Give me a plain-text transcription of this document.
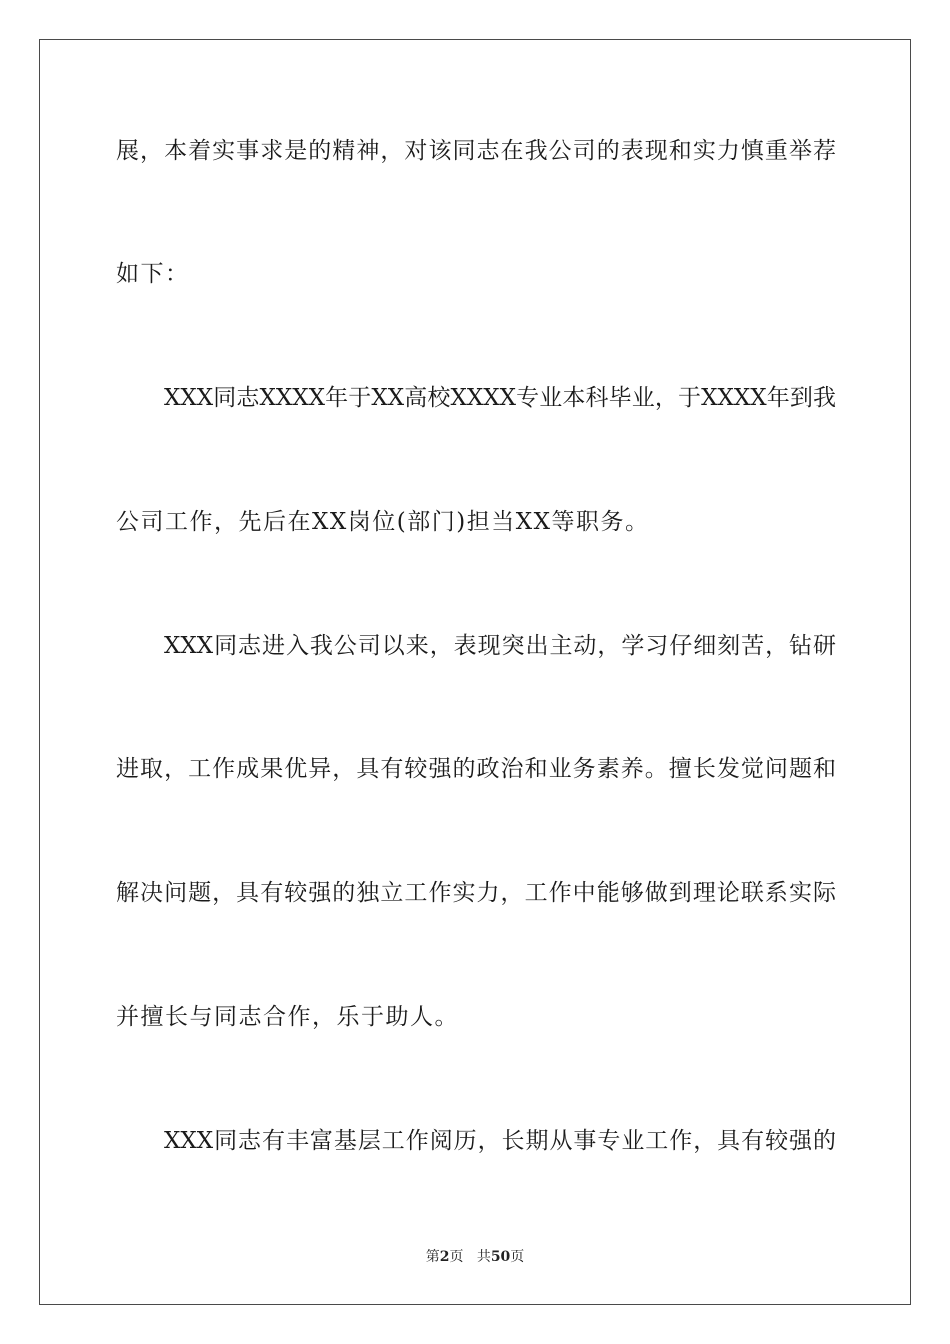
展，本着实事求是的精神，对该同志在我公司的表现和实力慎重举荐
如下：
XXX同志XXXX年于XX高校XXXX专业本科毕业，于XXXX年到我
公司工作，先后在XX岗位(部门)担当XX等职务。
XXX同志进入我公司以来，表现突出主动，学习仔细刻苦，钻研
进取，工作成果优异，具有较强的政治和业务素养。擅长发觉问题和
解决问题，具有较强的独立工作实力，工作中能够做到理论联系实际
并擅长与同志合作，乐于助人。
XXX同志有丰富基层工作阅历，长期从事专业工作，具有较强的
第2页 共50页
